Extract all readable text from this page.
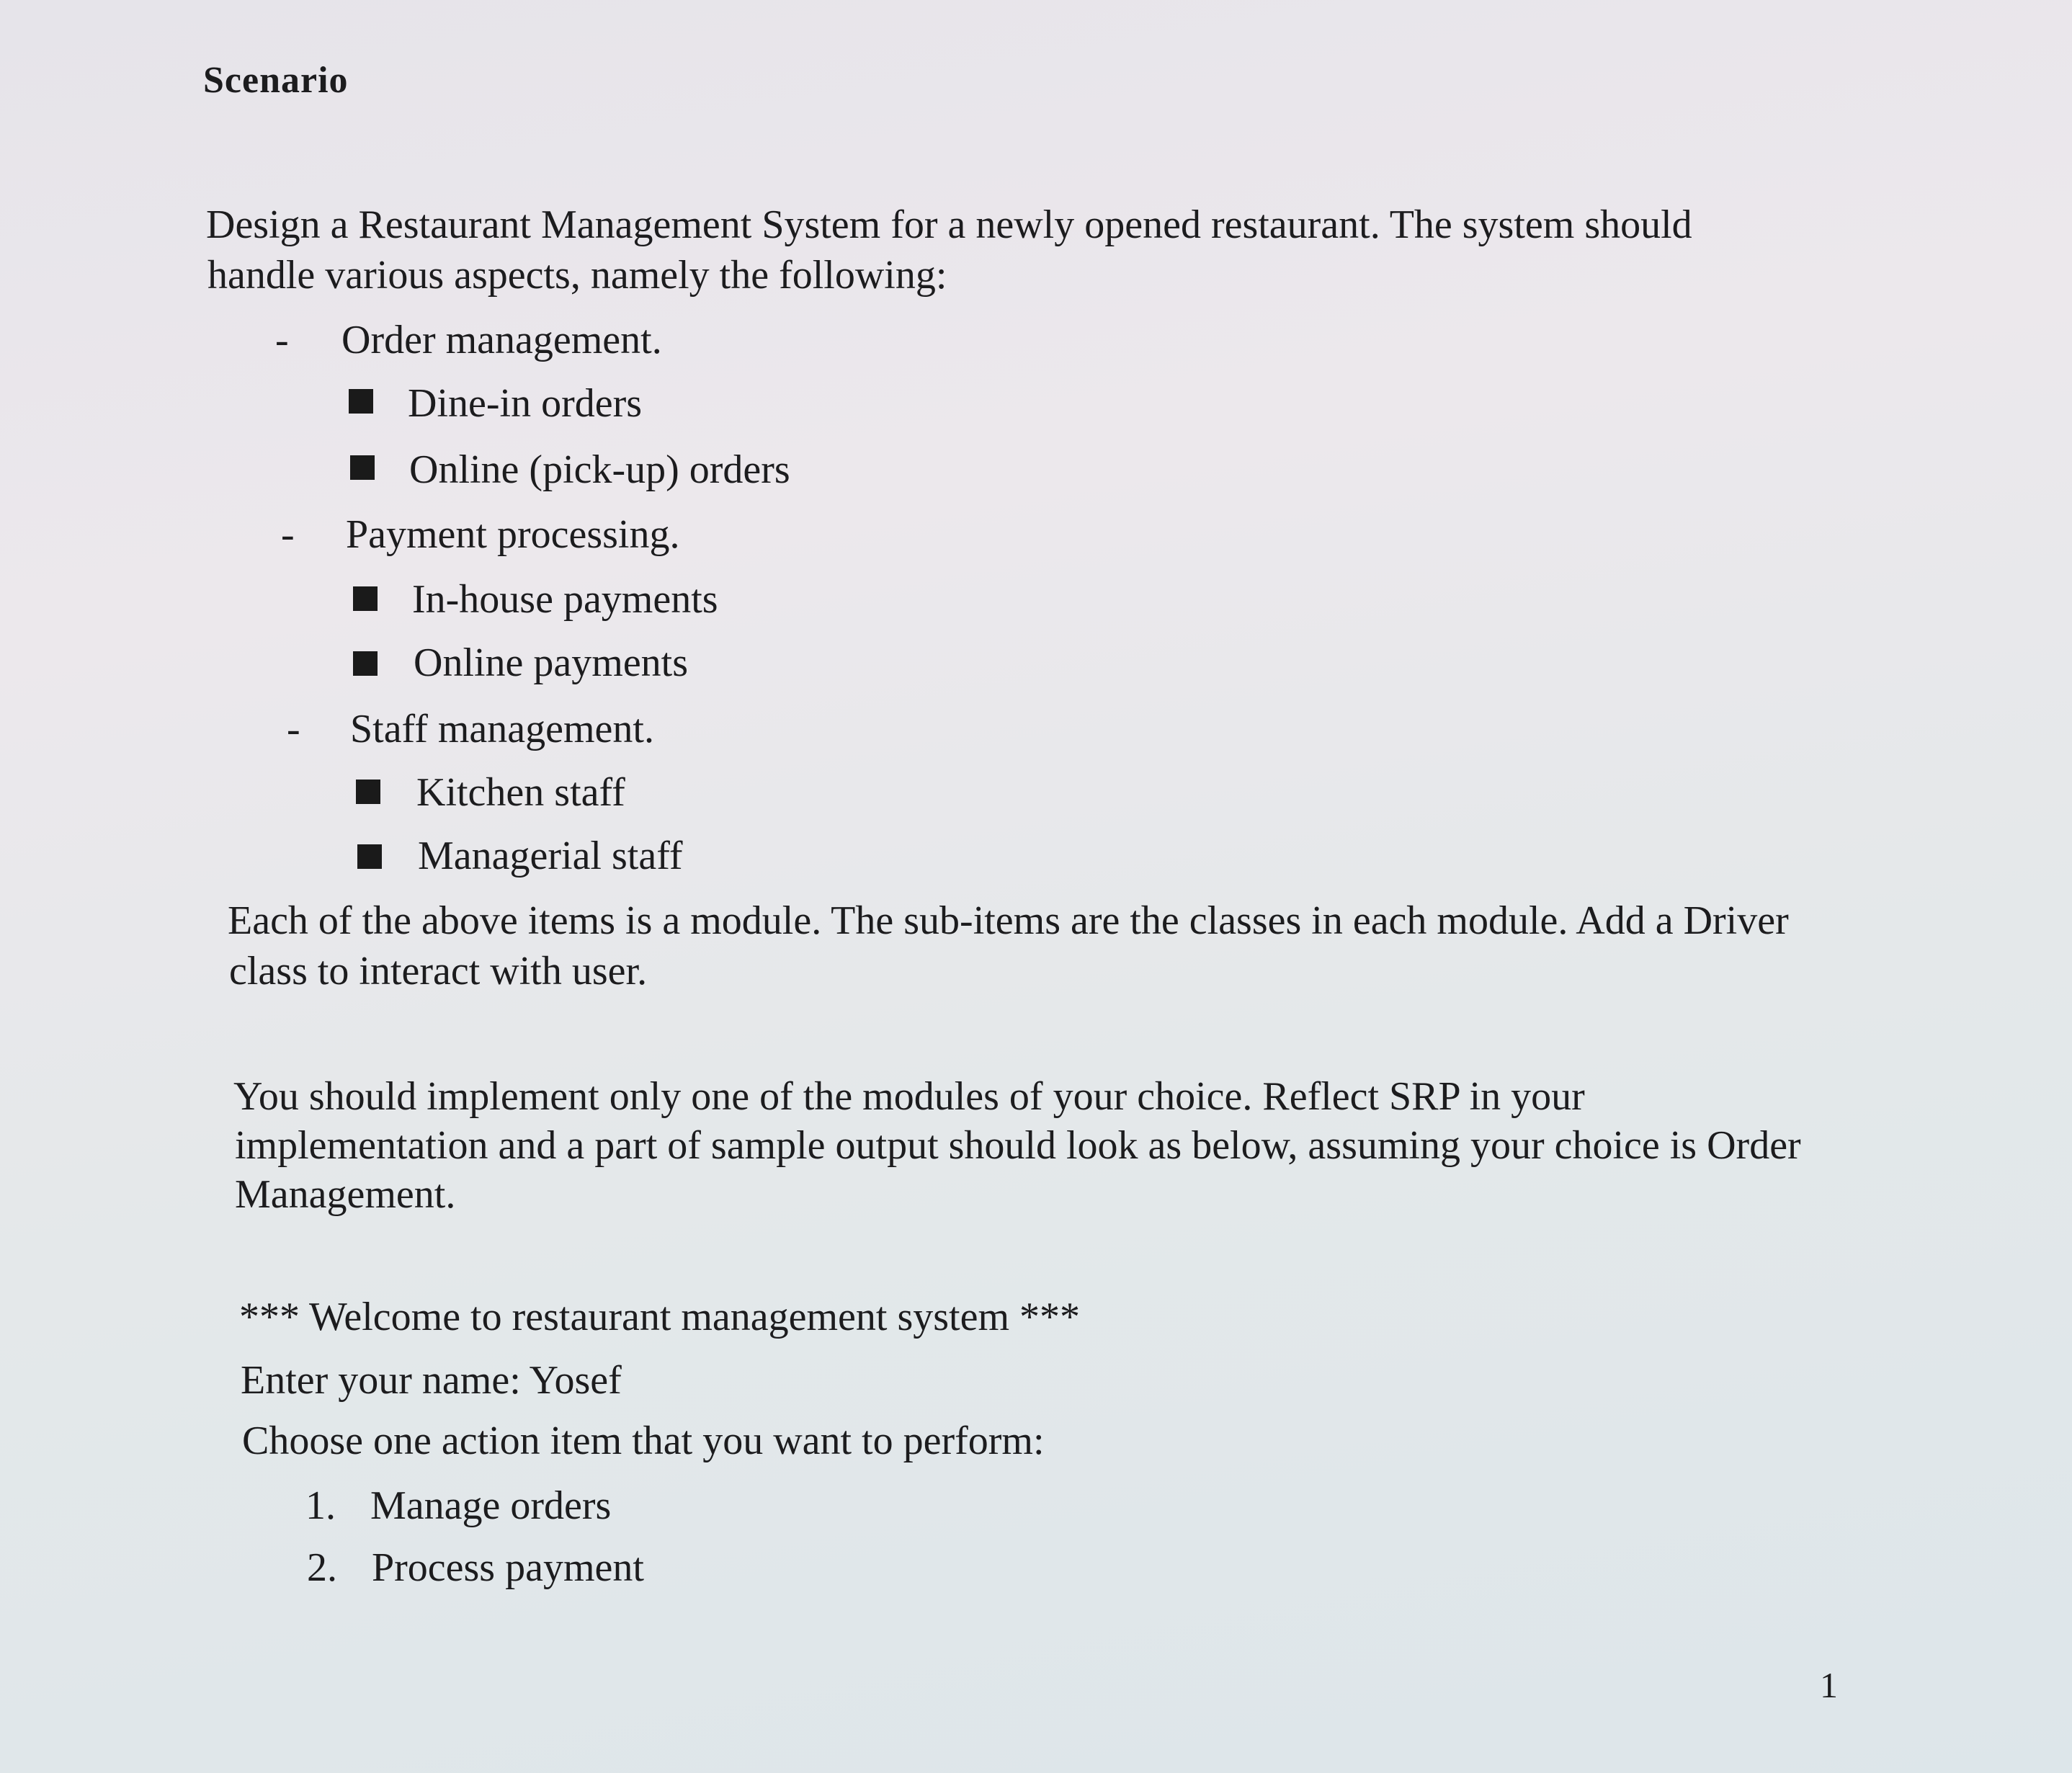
Scenario
Design a Restaurant Management System for a newly opened restaurant. The system should
handle various aspects, namely the following:
- Order management.
Dine-in orders
Online (pick-up) orders
- Payment processing.
In-house payments
Online payments
- Staff management.
Kitchen staff
Managerial staff
Each of the above items is a module. The sub-items are the classes in each module. Add a Driver
class to interact with user.
You should implement only one of the modules of your choice. Reflect SRP in your
implementation and a part of sample output should look as below, assuming your choice is Order
Management.
*** Welcome to restaurant management system ***
Enter your name: Yosef
Choose one action item that you want to perform:
1. Manage orders
2. Process payment
1
